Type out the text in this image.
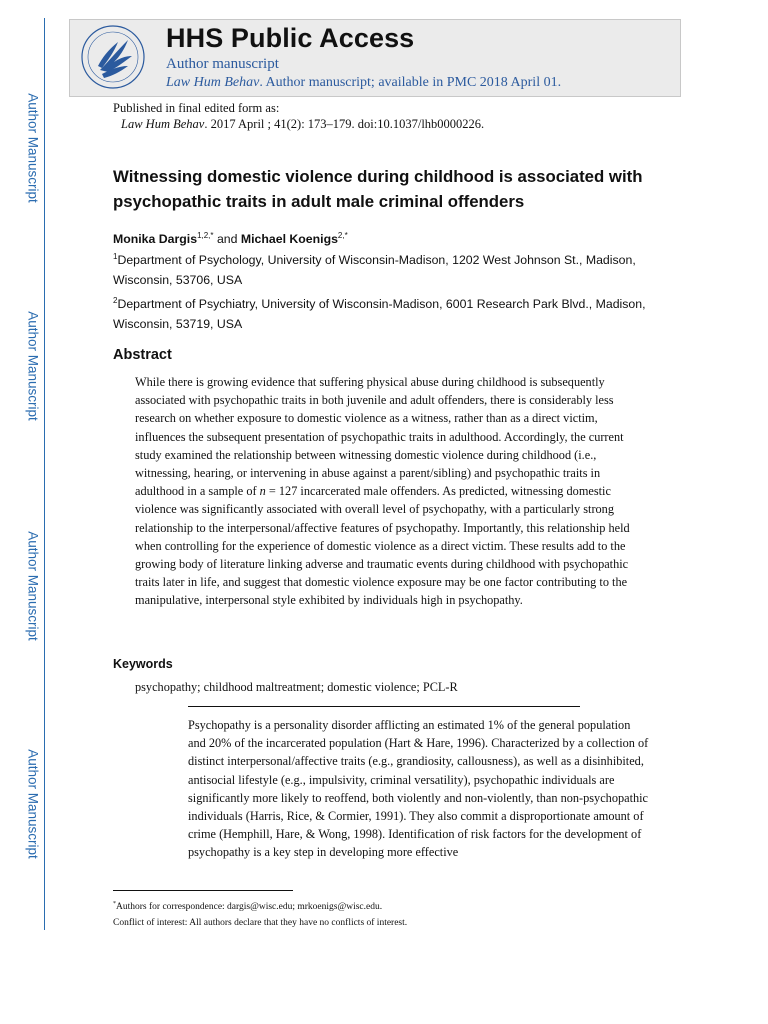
Author Manuscript
Author Manuscript
Author Manuscript
Author Manuscript
HHS Public Access
Author manuscript
Law Hum Behav. Author manuscript; available in PMC 2018 April 01.
Published in final edited form as:
Law Hum Behav. 2017 April ; 41(2): 173–179. doi:10.1037/lhb0000226.
Witnessing domestic violence during childhood is associated with psychopathic traits in adult male criminal offenders
Monika Dargis$^{1,2,*}$ and Michael Koenigs$^{2,*}$
$^1$Department of Psychology, University of Wisconsin-Madison, 1202 West Johnson St., Madison, Wisconsin, 53706, USA
$^2$Department of Psychiatry, University of Wisconsin-Madison, 6001 Research Park Blvd., Madison, Wisconsin, 53719, USA
Abstract
While there is growing evidence that suffering physical abuse during childhood is subsequently associated with psychopathic traits in both juvenile and adult offenders, there is considerably less research on whether exposure to domestic violence as a witness, rather than as a direct victim, influences the subsequent presentation of psychopathic traits in adulthood. Accordingly, the current study examined the relationship between witnessing domestic violence during childhood (i.e., witnessing, hearing, or intervening in abuse against a parent/sibling) and psychopathic traits in adulthood in a sample of n = 127 incarcerated male offenders. As predicted, witnessing domestic violence was significantly associated with overall level of psychopathy, with a particularly strong relationship to the interpersonal/affective features of psychopathy. Importantly, this relationship held when controlling for the experience of domestic violence as a direct victim. These results add to the growing body of literature linking adverse and traumatic events during childhood with psychopathic traits later in life, and suggest that domestic violence exposure may be one factor contributing to the manipulative, interpersonal style exhibited by individuals high in psychopathy.
Keywords
psychopathy; childhood maltreatment; domestic violence; PCL-R
Psychopathy is a personality disorder afflicting an estimated 1% of the general population and 20% of the incarcerated population (Hart & Hare, 1996). Characterized by a collection of distinct interpersonal/affective traits (e.g., grandiosity, callousness), as well as a disinhibited, antisocial lifestyle (e.g., impulsivity, criminal versatility), psychopathic individuals are significantly more likely to reoffend, both violently and non-violently, than non-psychopathic individuals (Harris, Rice, & Cormier, 1991). They also commit a disproportionate amount of crime (Hemphill, Hare, & Wong, 1998). Identification of risk factors for the development of psychopathy is a key step in developing more effective
*Authors for correspondence: dargis@wisc.edu; mrkoenigs@wisc.edu.
Conflict of interest: All authors declare that they have no conflicts of interest.
